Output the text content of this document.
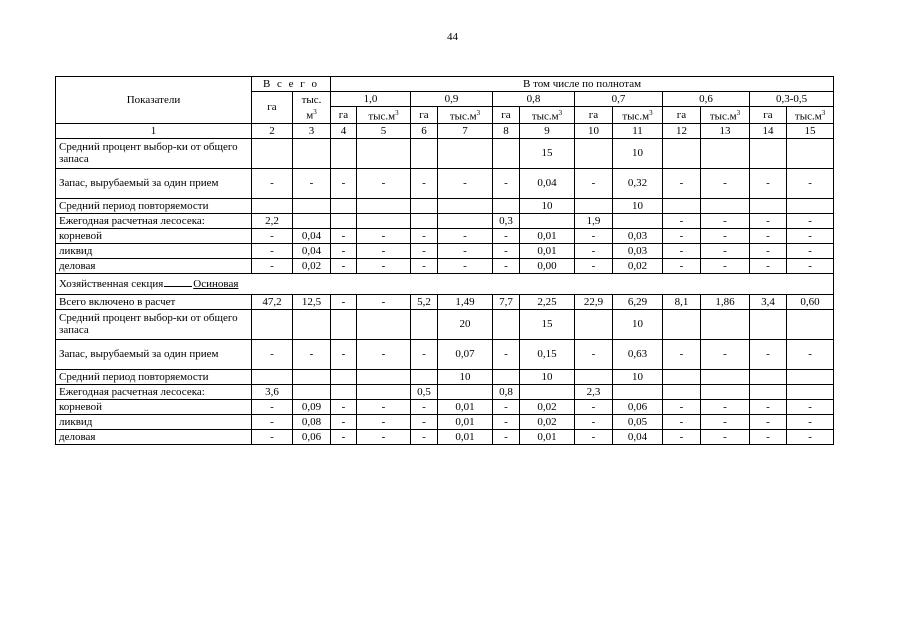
44
Показатели	В с е г о		В том числе по полнотам											
	га	тыс.
$м^3$	1,0		0,9		0,8		0,7		0,6		0,3-0,5	
			га	$тыс.м^3$	га	$тыс.м^3$	га	$тыс.м^3$	га	$тыс.м^3$	га	$тыс.м^3$	га	$тыс.м^3$
1	2	3	4	5	6	7	8	9	10	11	12	13	14	15
Средний процент выбор-ки от общего запаса								15		10				
Запас, вырубаемый за один прием	-	-	-	-	-	-	-	0,04	-	0,32	-	-	-	-
Средний период повторяемости								10		10				
Ежегодная расчетная лесосека:	2,2						0,3		1,9		-	-	-	-
корневой	-	0,04	-	-	-	-	-	0,01	-	0,03	-	-	-	-
ликвид	-	0,04	-	-	-	-	-	0,01	-	0,03	-	-	-	-
деловая	-	0,02	-	-	-	-	-	0,00	-	0,02	-	-	-	-
Хозяйственная секция Осиновая														
Всего включено в расчет	47,2	12,5	-	-	5,2	1,49	7,7	2,25	22,9	6,29	8,1	1,86	3,4	0,60
Средний процент выбор-ки от общего запаса						20		15		10				
Запас, вырубаемый за один прием	-	-	-	-	-	0,07	-	0,15	-	0,63	-	-	-	-
Средний период повторяемости						10		10		10				
Ежегодная расчетная лесосека:	3,6				0,5		0,8		2,3					
корневой	-	0,09	-	-	-	0,01	-	0,02	-	0,06	-	-	-	-
ликвид	-	0,08	-	-	-	0,01	-	0,02	-	0,05	-	-	-	-
деловая	-	0,06	-	-	-	0,01	-	0,01	-	0,04	-	-	-	-
